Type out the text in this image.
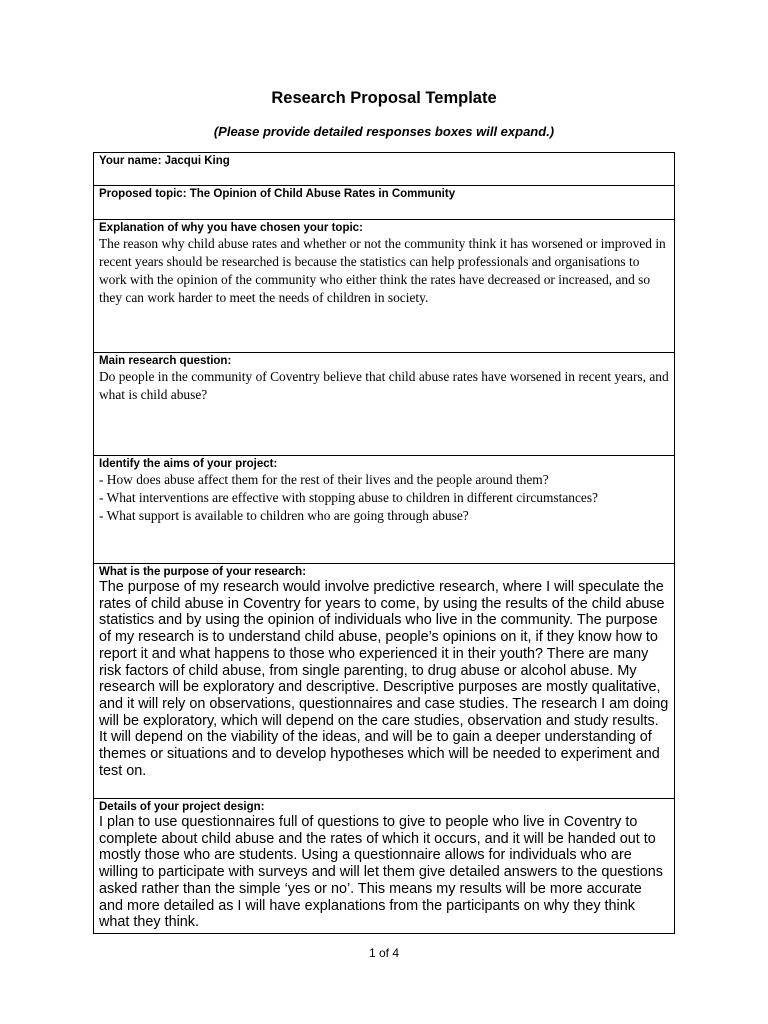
Research Proposal Template
(Please provide detailed responses boxes will expand.)
Your name: Jacqui King

Proposed topic: The Opinion of Child Abuse Rates in Community

Explanation of why you have chosen your topic:
The reason why child abuse rates and whether or not the community think it has worsened or improved in recent years should be researched is because the statistics can help professionals and organisations to work with the opinion of the community who either think the rates have decreased or increased, and so they can work harder to meet the needs of children in society.

Main research question:
Do people in the community of Coventry believe that child abuse rates have worsened in recent years, and what is child abuse?

Identify the aims of your project:
- How does abuse affect them for the rest of their lives and the people around them?
- What interventions are effective with stopping abuse to children in different circumstances?
- What support is available to children who are going through abuse?

What is the purpose of your research:
The purpose of my research would involve predictive research, where I will speculate the rates of child abuse in Coventry for years to come, by using the results of the child abuse statistics and by using the opinion of individuals who live in the community. The purpose of my research is to understand child abuse, people’s opinions on it, if they know how to report it and what happens to those who experienced it in their youth? There are many risk factors of child abuse, from single parenting, to drug abuse or alcohol abuse. My research will be exploratory and descriptive. Descriptive purposes are mostly qualitative, and it will rely on observations, questionnaires and case studies. The research I am doing will be exploratory, which will depend on the care studies, observation and study results. It will depend on the viability of the ideas, and will be to gain a deeper understanding of themes or situations and to develop hypotheses which will be needed to experiment and test on.

Details of your project design:
I plan to use questionnaires full of questions to give to people who live in Coventry to complete about child abuse and the rates of which it occurs, and it will be handed out to mostly those who are students. Using a questionnaire allows for individuals who are willing to participate with surveys and will let them give detailed answers to the questions asked rather than the simple ‘yes or no’. This means my results will be more accurate and more detailed as I will have explanations from the participants on why they think what they think.
1 of 4
